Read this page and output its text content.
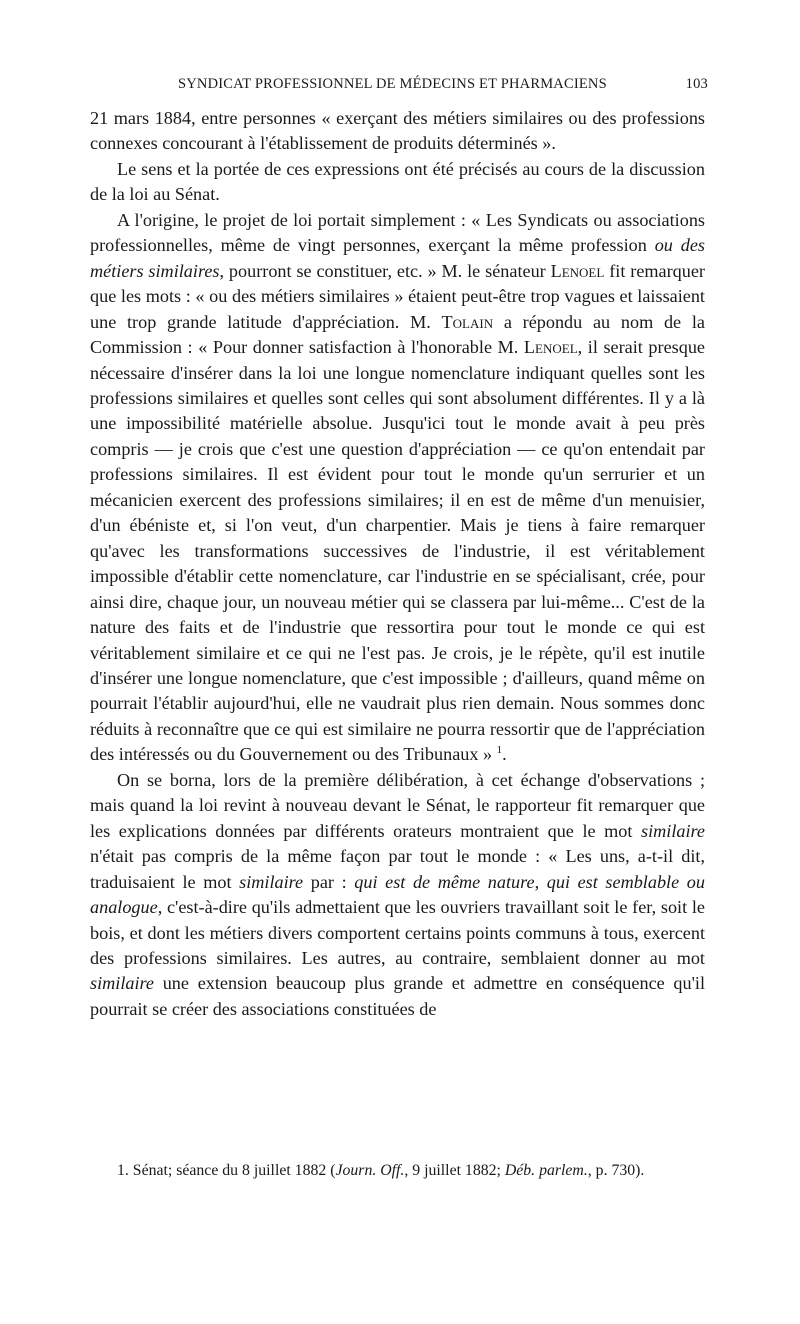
SYNDICAT PROFESSIONNEL DE MÉDECINS ET PHARMACIENS	103

21 mars 1884, entre personnes « exerçant des métiers similaires ou des professions connexes concourant à l'établissement de produits déterminés ».

Le sens et la portée de ces expressions ont été précisés au cours de la discussion de la loi au Sénat.

A l'origine, le projet de loi portait simplement : « Les Syndicats ou associations professionnelles, même de vingt personnes, exerçant la même profession ou des métiers similaires, pourront se constituer, etc. » M. le sénateur Lenoel fit remarquer que les mots : « ou des métiers similaires » étaient peut-être trop vagues et laissaient une trop grande latitude d'appréciation. M. Tolain a répondu au nom de la Commission : « Pour donner satisfaction à l'honorable M. Lenoel, il serait presque nécessaire d'insérer dans la loi une longue nomenclature indiquant quelles sont les professions similaires et quelles sont celles qui sont absolument différentes. Il y a là une impossibilité matérielle absolue. Jusqu'ici tout le monde avait à peu près compris — je crois que c'est une question d'appréciation — ce qu'on entendait par professions similaires. Il est évident pour tout le monde qu'un serrurier et un mécanicien exercent des professions similaires; il en est de même d'un menuisier, d'un ébéniste et, si l'on veut, d'un charpentier. Mais je tiens à faire remarquer qu'avec les transformations successives de l'industrie, il est véritablement impossible d'établir cette nomenclature, car l'industrie en se spécialisant, crée, pour ainsi dire, chaque jour, un nouveau métier qui se classera par lui-même... C'est de la nature des faits et de l'industrie que ressortira pour tout le monde ce qui est véritablement similaire et ce qui ne l'est pas. Je crois, je le répète, qu'il est inutile d'insérer une longue nomenclature, que c'est impossible ; d'ailleurs, quand même on pourrait l'établir aujourd'hui, elle ne vaudrait plus rien demain. Nous sommes donc réduits à reconnaître que ce qui est similaire ne pourra ressortir que de l'appréciation des intéressés ou du Gouvernement ou des Tribunaux » $^1$.

On se borna, lors de la première délibération, à cet échange d'observations ; mais quand la loi revint à nouveau devant le Sénat, le rapporteur fit remarquer que les explications données par différents orateurs montraient que le mot similaire n'était pas compris de la même façon par tout le monde : « Les uns, a-t-il dit, traduisaient le mot similaire par : qui est de même nature, qui est semblable ou analogue, c'est-à-dire qu'ils admettaient que les ouvriers travaillant soit le fer, soit le bois, et dont les métiers divers comportent certains points communs à tous, exercent des professions similaires. Les autres, au contraire, semblaient donner au mot similaire une extension beaucoup plus grande et admettre en conséquence qu'il pourrait se créer des associations constituées de

1. Sénat; séance du 8 juillet 1882 (Journ. Off., 9 juillet 1882; Déb. parlem., p. 730).
